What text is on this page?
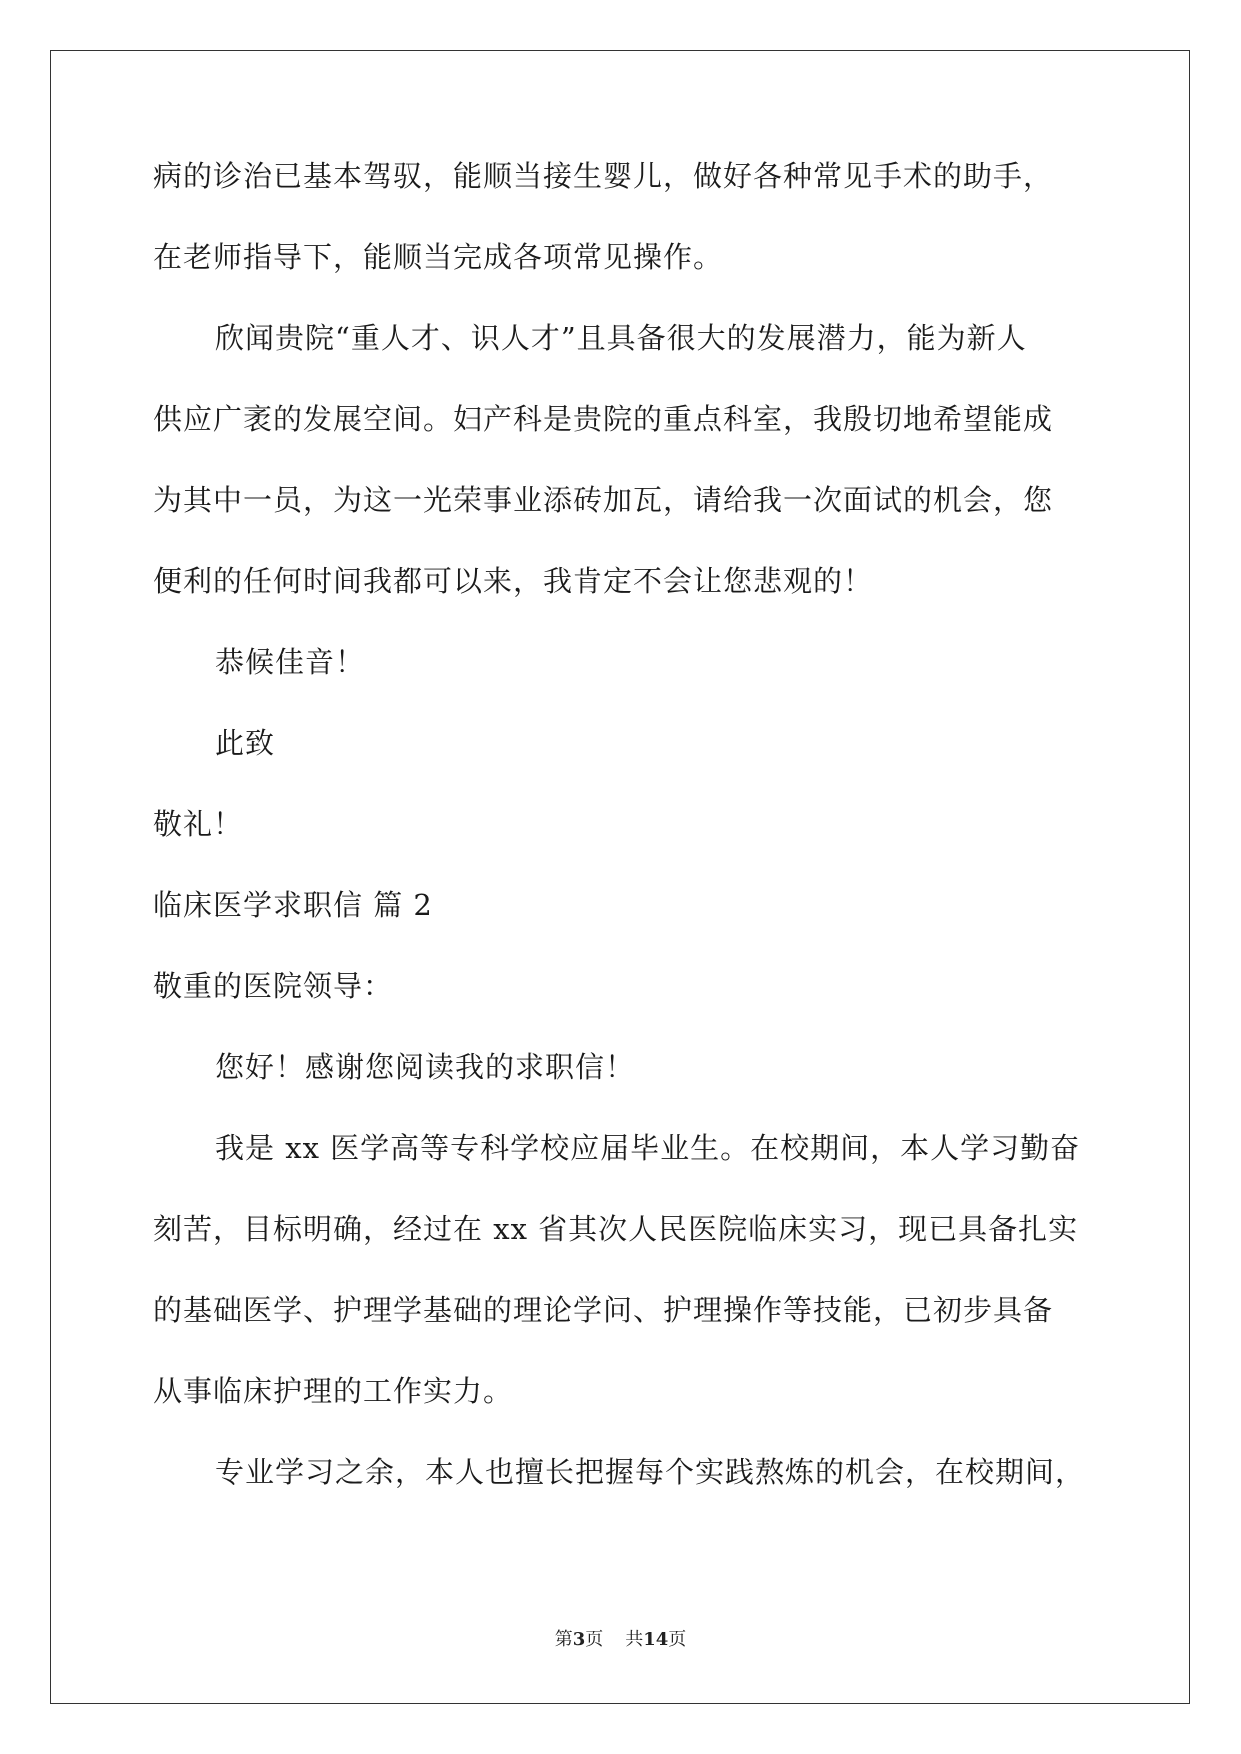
病的诊治已基本驾驭，能顺当接生婴儿，做好各种常见手术的助手，
在老师指导下，能顺当完成各项常见操作。
欣闻贵院“重人才、识人才”且具备很大的发展潜力，能为新人
供应广袤的发展空间。妇产科是贵院的重点科室，我殷切地希望能成
为其中一员，为这一光荣事业添砖加瓦，请给我一次面试的机会，您
便利的任何时间我都可以来，我肯定不会让您悲观的！
恭候佳音！
此致
敬礼！
临床医学求职信 篇 2
敬重的医院领导：
您好！感谢您阅读我的求职信！
我是 xx 医学高等专科学校应届毕业生。在校期间，本人学习勤奋
刻苦，目标明确，经过在 xx 省其次人民医院临床实习，现已具备扎实
的基础医学、护理学基础的理论学问、护理操作等技能，已初步具备
从事临床护理的工作实力。
专业学习之余，本人也擅长把握每个实践熬炼的机会，在校期间，
第3页 共14页
